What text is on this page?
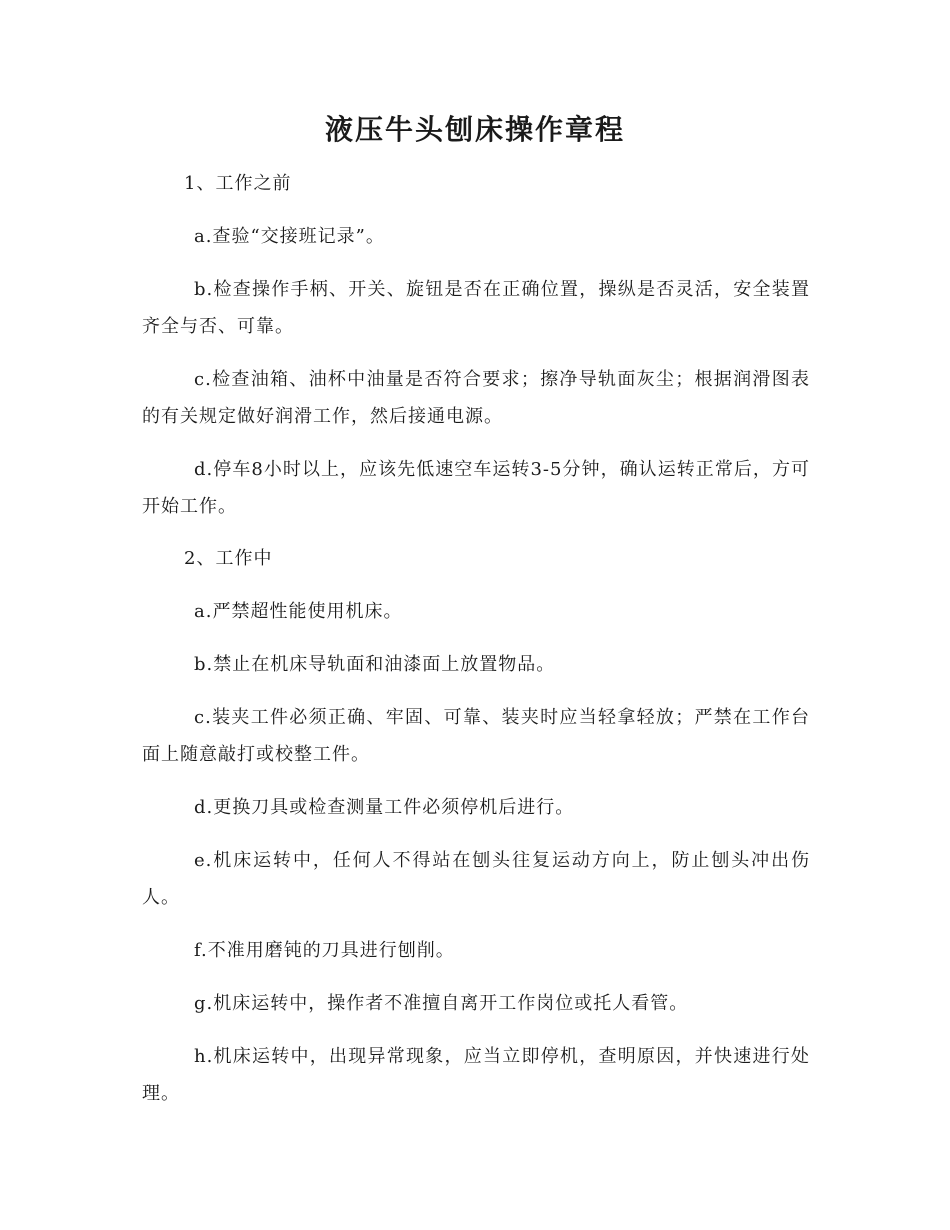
液压牛头刨床操作章程

1、工作之前

a.查验“交接班记录”。

b.检查操作手柄、开关、旋钮是否在正确位置，操纵是否灵活，安全装置齐全与否、可靠。

c.检查油箱、油杯中油量是否符合要求；擦净导轨面灰尘；根据润滑图表的有关规定做好润滑工作，然后接通电源。

d.停车8小时以上，应该先低速空车运转3-5分钟，确认运转正常后，方可开始工作。

2、工作中

a.严禁超性能使用机床。

b.禁止在机床导轨面和油漆面上放置物品。

c.装夹工件必须正确、牢固、可靠、装夹时应当轻拿轻放；严禁在工作台面上随意敲打或校整工件。

d.更换刀具或检查测量工件必须停机后进行。

e.机床运转中，任何人不得站在刨头往复运动方向上，防止刨头冲出伤人。

f.不准用磨钝的刀具进行刨削。

g.机床运转中，操作者不准擅自离开工作岗位或托人看管。

h.机床运转中，出现异常现象，应当立即停机，查明原因，并快速进行处理。
